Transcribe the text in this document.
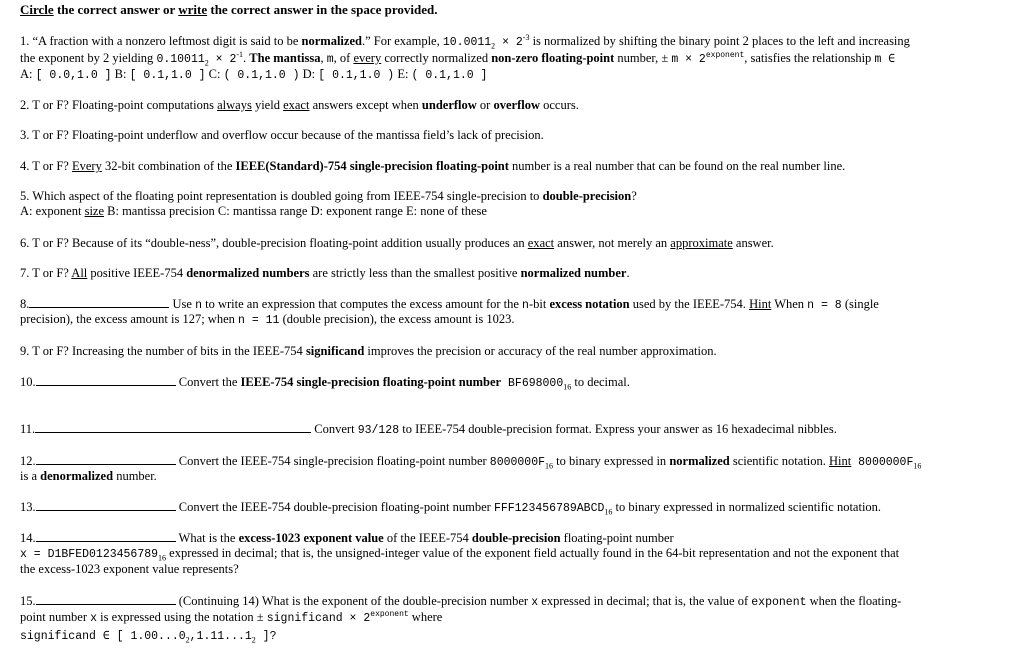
Circle the correct answer or write the correct answer in the space provided.
1. “A fraction with a nonzero leftmost digit is said to be normalized.” For example, $10.0011_2 \times 2^{-3}$ is normalized by shifting the binary point 2 places to the left and increasing
the exponent by 2 yielding $0.10011_2 \times 2^{-1}$. The mantissa, m, of every correctly normalized non-zero floating-point number, ± $m \times 2^{exponent}$, satisfies the relationship m ∈
A: [ 0.0,1.0 ] B: [ 0.1,1.0 ] C: ( 0.1,1.0 ) D: [ 0.1,1.0 ) E: ( 0.1,1.0 ]
2. T or F? Floating-point computations always yield exact answers except when underflow or overflow occurs.
3. T or F? Floating-point underflow and overflow occur because of the mantissa field’s lack of precision.
4. T or F? Every 32-bit combination of the IEEE(Standard)-754 single-precision floating-point number is a real number that can be found on the real number line.
5. Which aspect of the floating point representation is doubled going from IEEE-754 single-precision to double-precision?
A: exponent size B: mantissa precision C: mantissa range D: exponent range E: none of these
6. T or F? Because of its “double-ness”, double-precision floating-point addition usually produces an exact answer, not merely an approximate answer.
7. T or F? All positive IEEE-754 denormalized numbers are strictly less than the smallest positive normalized number.
8.	Use n to write an expression that computes the excess amount for the n-bit excess notation used by the IEEE-754. Hint When n = 8 (single
precision), the excess amount is 127; when n = 11 (double precision), the excess amount is 1023.
9. T or F? Increasing the number of bits in the IEEE-754 significand improves the precision or accuracy of the real number approximation.
10.	Convert the IEEE-754 single-precision floating-point number $BF698000_{16}$ to decimal.
11.	Convert 93/128 to IEEE-754 double-precision format. Express your answer as 16 hexadecimal nibbles.
12.	Convert the IEEE-754 single-precision floating-point number $8000000F_{16}$ to binary expressed in normalized scientific notation. Hint $8000000F_{16}$
is a denormalized number.
13.	Convert the IEEE-754 double-precision floating-point number $FFF123456789ABCD_{16}$ to binary expressed in normalized scientific notation.
14.	What is the excess-1023 exponent value of the IEEE-754 double-precision floating-point number
$x = D1BFED0123456789_{16}$ expressed in decimal; that is, the unsigned-integer value of the exponent field actually found in the 64-bit representation and not the exponent that
the excess-1023 exponent value represents?
15.	(Continuing 14) What is the exponent of the double-precision number x expressed in decimal; that is, the value of exponent when the floating-
point number x is expressed using the notation ± significand × $2^{exponent}$ where
significand ∈ [ $1.00...0_2,1.11...1_2$ ]?
